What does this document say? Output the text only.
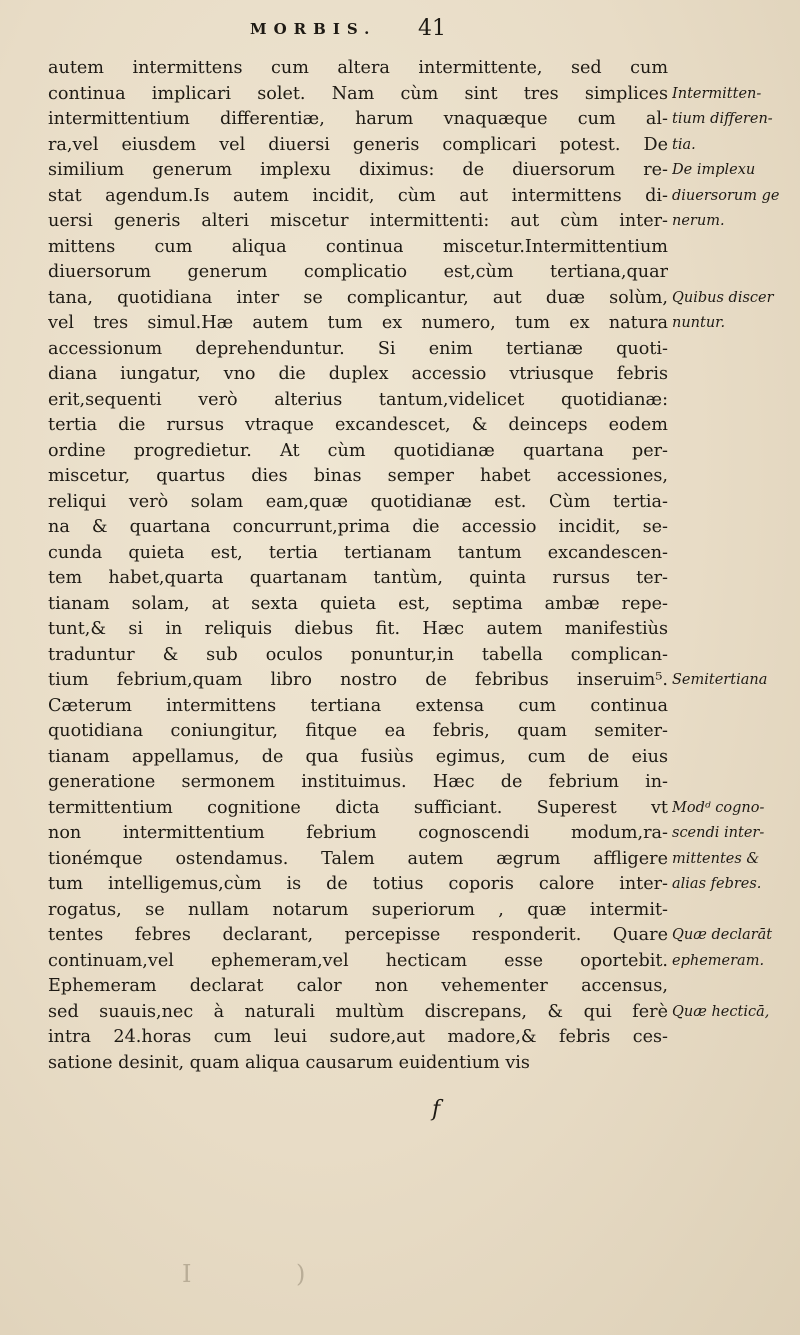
MORBIS. 41
autem intermittens cum altera intermittente, sed cum
continua implicari solet. Nam cùm sint tres simplices
intermittentium differentiæ, harum vnaquæque cum al-
ra,vel eiusdem vel diuersi generis complicari potest. De
similium generum implexu diximus: de diuersorum re-
stat agendum.Is autem incidit, cùm aut intermittens di-
uersi generis alteri miscetur intermittenti: aut cùm inter-
mittens cum aliqua continua miscetur.Intermittentium
diuersorum generum complicatio est,cùm tertiana,quar
tana, quotidiana inter se complicantur, aut duæ solùm,
vel tres simul.Hæ autem tum ex numero, tum ex natura
accessionum deprehenduntur. Si enim tertianæ quoti-
diana iungatur, vno die duplex accessio vtriusque febris
erit,sequenti verò alterius tantum,videlicet quotidianæ:
tertia die rursus vtraque excandescet, & deinceps eodem
ordine progredietur. At cùm quotidianæ quartana per-
miscetur, quartus dies binas semper habet accessiones,
reliqui verò solam eam,quæ quotidianæ est. Cùm tertia-
na & quartana concurrunt,prima die accessio incidit, se-
cunda quieta est, tertia tertianam tantum excandescen-
tem habet,quarta quartanam tantùm, quinta rursus ter-
tianam solam, at sexta quieta est, septima ambæ repe-
tunt,& si in reliquis diebus fit. Hæc autem manifestiùs
traduntur & sub oculos ponuntur,in tabella complican-
tium febrium,quam libro nostro de febribus inseruim⁵.
Cæterum intermittens tertiana extensa cum continua
quotidiana coniungitur, fitque ea febris, quam semiter-
tianam appellamus, de qua fusiùs egimus, cum de eius
generatione sermonem instituimus. Hæc de febrium in-
termittentium cognitione dicta sufficiant. Superest vt
non intermittentium febrium cognoscendi modum,ra-
tionémque ostendamus. Talem autem ægrum affligere
tum intelligemus,cùm is de totius coporis calore inter-
rogatus, se nullam notarum superiorum , quæ intermit-
tentes febres declarant, percepisse responderit. Quare
continuam,vel ephemeram,vel hecticam esse oportebit.
Ephemeram declarat calor non vehementer accensus,
sed suauis,nec à naturali multùm discrepans, & qui ferè
intra 24.horas cum leui sudore,aut madore,& febris ces-
satione desinit, quam aliqua causarum euidentium vis
Intermitten-
tium differen-
tia.
De implexu
diuersorum ge
nerum.
Quibus discer
nuntur.
Semitertiana
Modᵈ cogno-
scendi inter-
mittentes &
alias febres.
Quæ declarāt
ephemeram.
Quæ hecticā,
f
I	)
